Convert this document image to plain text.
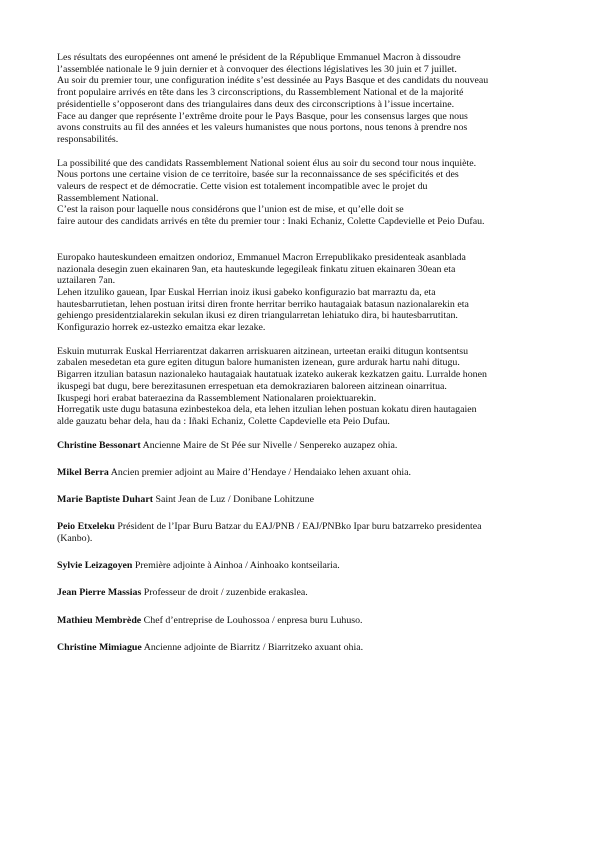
Les résultats des européennes ont amené le président de la République Emmanuel Macron à dissoudre
l’assemblée nationale le 9 juin dernier et à convoquer des élections législatives les 30 juin et 7 juillet.
Au soir du premier tour, une configuration inédite s’est dessinée au Pays Basque et des candidats du nouveau
front populaire arrivés en tête dans les 3 circonscriptions, du Rassemblement National et de la majorité
présidentielle s’opposeront dans des triangulaires dans deux des circonscriptions à l’issue incertaine.
Face au danger que représente l’extrême droite pour le Pays Basque, pour les consensus larges que nous
avons construits au fil des années et les valeurs humanistes que nous portons, nous tenons à prendre nos
responsabilités.
La possibilité que des candidats Rassemblement National soient élus au soir du second tour nous inquiète.
Nous portons une certaine vision de ce territoire, basée sur la reconnaissance de ses spécificités et des
valeurs de respect et de démocratie. Cette vision est totalement incompatible avec le projet du
Rassemblement National.
C’est la raison pour laquelle nous considérons que l’union est de mise, et qu’elle doit se
faire autour des candidats arrivés en tête du premier tour : Inaki Echaniz, Colette Capdevielle et Peio Dufau.
Europako hauteskundeen emaitzen ondorioz, Emmanuel Macron Errepublikako presidenteak asanblada
nazionala desegin zuen ekainaren 9an, eta hauteskunde legegileak finkatu zituen ekainaren 30ean eta
uztailaren 7an.
Lehen itzuliko gauean, Ipar Euskal Herrian inoiz ikusi gabeko konfigurazio bat marraztu da, eta
hautesbarrutietan, lehen postuan iritsi diren fronte herritar berriko hautagaiak batasun nazionalarekin eta
gehiengo presidentzialarekin sekulan ikusi ez diren triangularretan lehiatuko dira, bi hautesbarrutitan.
Konfigurazio horrek ez-ustezko emaitza ekar lezake.
Eskuin muturrak Euskal Herriarentzat dakarren arriskuaren aitzinean, urteetan eraiki ditugun kontsentsu
zabalen mesedetan eta gure egiten ditugun balore humanisten izenean, gure ardurak hartu nahi ditugu.
Bigarren itzulian batasun nazionaleko hautagaiak hautatuak izateko aukerak kezkatzen gaitu. Lurralde honen
ikuspegi bat dugu, bere berezitasunen errespetuan eta demokraziaren baloreen aitzinean oinarritua.
Ikuspegi hori erabat bateraezina da Rassemblement Nationalaren proiektuarekin.
Horregatik uste dugu batasuna ezinbestekoa dela, eta lehen itzulian lehen postuan kokatu diren hautagaien
alde gauzatu behar dela, hau da : Iñaki Echaniz, Colette Capdevielle eta Peio Dufau.
Christine Bessonart Ancienne Maire de St Pée sur Nivelle / Senpereko auzapez ohia.
Mikel Berra Ancien premier adjoint au Maire d’Hendaye / Hendaiako lehen axuant ohia.
Marie Baptiste Duhart Saint Jean de Luz / Donibane Lohitzune
Peio Etxeleku Président de l’Ipar Buru Batzar du EAJ/PNB / EAJ/PNBko Ipar buru batzarreko presidentea
(Kanbo).
Sylvie Leizagoyen Première adjointe à Ainhoa / Ainhoako kontseilaria.
Jean Pierre Massias Professeur de droit / zuzenbide erakaslea.
Mathieu Membrède Chef d’entreprise de Louhossoa / enpresa buru Luhuso.
Christine Mimiague Ancienne adjointe de Biarritz / Biarritzeko axuant ohia.
